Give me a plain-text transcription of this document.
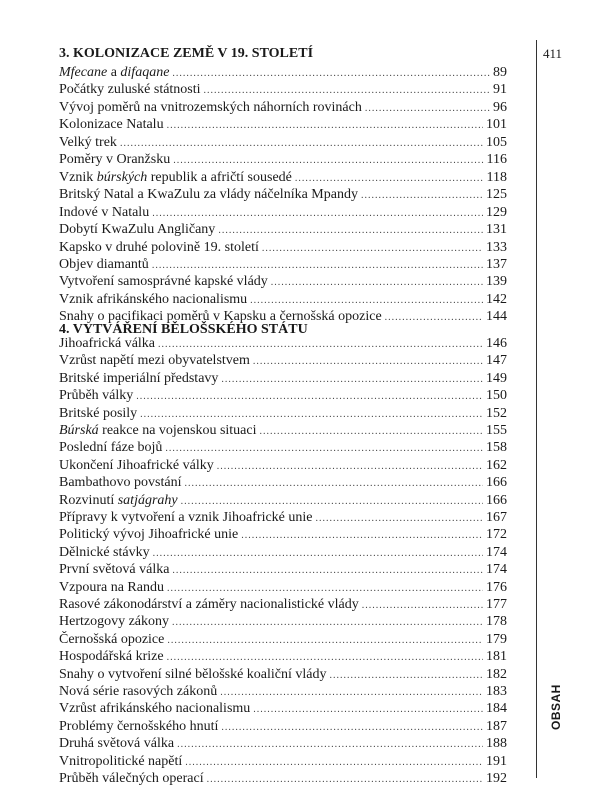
411
OBSAH
3. KOLONIZACE ZEMĚ V 19. STOLETÍ
Mfecane a difaqane .....	89
Počátky zuluské státnosti .....	91
Vývoj poměrů na vnitrozemských náhorních rovinách .....	96
Kolonizace Natalu .....	101
Velký trek .....	105
Poměry v Oranžsku .....	116
Vznik búrských republik a afričtí sousedé .....	118
Britský Natal a KwaZulu za vlády náčelníka Mpandy .....	125
Indové v Natalu .....	129
Dobytí KwaZulu Angličany .....	131
Kapsko v druhé polovině 19. století .....	133
Objev diamantů .....	137
Vytvoření samosprávné kapské vlády .....	139
Vznik afrikánského nacionalismu .....	142
Snahy o pacifikaci poměrů v Kapsku a černošská opozice .....	144
4. VYTVÁŘENÍ BĚLOŠSKÉHO STÁTU
Jihoafrická válka .....	146
Vzrůst napětí mezi obyvatelstvem .....	147
Britské imperiální představy .....	149
Průběh války .....	150
Britské posily .....	152
Búrská reakce na vojenskou situaci .....	155
Poslední fáze bojů .....	158
Ukončení Jihoafrické války .....	162
Bambathovo povstání .....	166
Rozvinutí satjágrahy .....	166
Přípravy k vytvoření a vznik Jihoafrické unie .....	167
Politický vývoj Jihoafrické unie .....	172
Dělnické stávky .....	174
První světová válka .....	174
Vzpoura na Randu .....	176
Rasové zákonodárství a záměry nacionalistické vlády .....	177
Hertzogovy zákony .....	178
Černošská opozice .....	179
Hospodářská krize .....	181
Snahy o vytvoření silné bělošské koaliční vlády .....	182
Nová série rasových zákonů .....	183
Vzrůst afrikánského nacionalismu .....	184
Problémy černošského hnutí .....	187
Druhá světová válka .....	188
Vnitropolitické napětí .....	191
Průběh válečných operací .....	192
